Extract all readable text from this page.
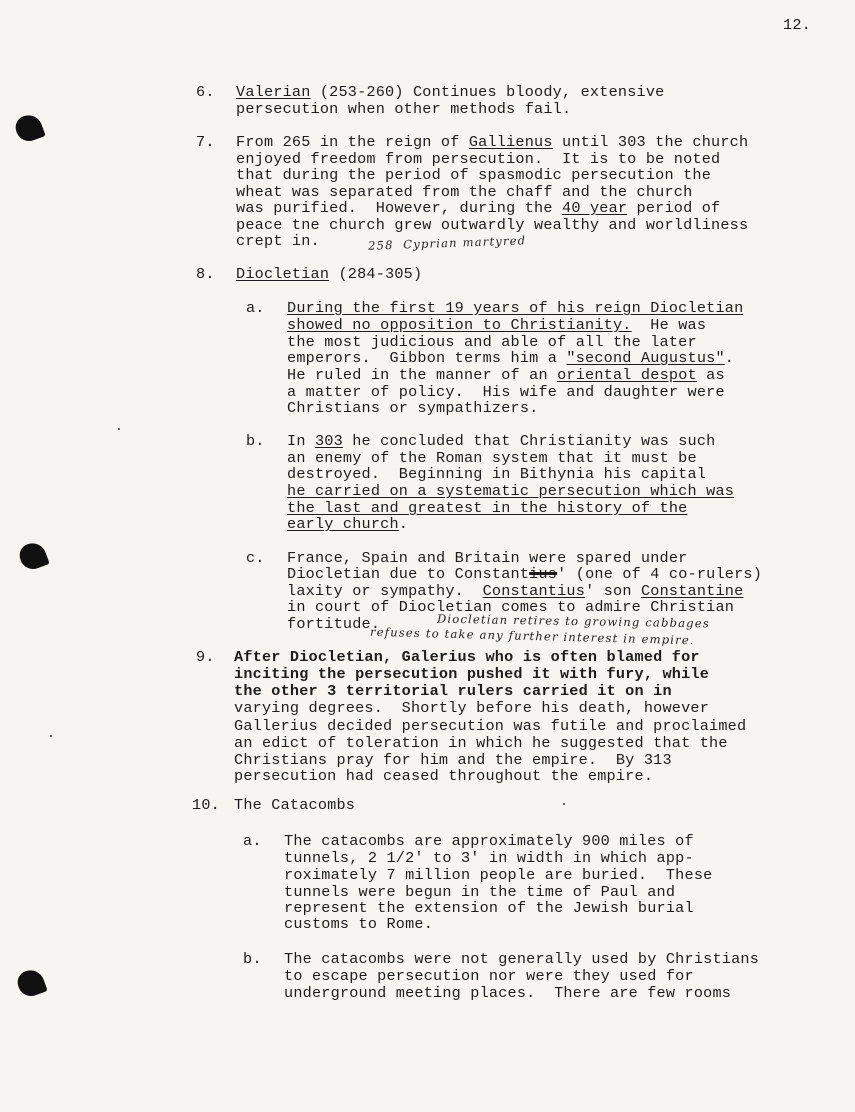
12.
6. Valerian (253-260) Continues bloody, extensive
persecution when other methods fail.
7. From 265 in the reign of Gallienus until 303 the church
enjoyed freedom from persecution.  It is to be noted
that during the period of spasmodic persecution the
wheat was separated from the chaff and the church
was purified.  However, during the 40 year period of
peace tne church grew outwardly wealthy and worldliness
crept in.	258  Cyprian martyred
8. Diocletian (284-305)
a. During the first 19 years of his reign Diocletian
showed no opposition to Christianity.  He was
the most judicious and able of all the later
emperors.  Gibbon terms him a "second Augustus".
He ruled in the manner of an oriental despot as
a matter of policy.  His wife and daughter were
Christians or sympathizers.
b. In 303 he concluded that Christianity was such
an enemy of the Roman system that it must be
destroyed.  Beginning in Bithynia his capital
he carried on a systematic persecution which was
the last and greatest in the history of the
early church.
c. France, Spain and Britain were spared under
Diocletian due to Constantius' (one of 4 co-rulers)
laxity or sympathy.  Constantius' son Constantine
in court of Diocletian comes to admire Christian
fortitude.	Diocletian retires to growing cabbages
refuses to take any further interest in empire.
9. After Diocletian, Galerius who is often blamed for
inciting the persecution pushed it with fury, while
the other 3 territorial rulers carried it on in
varying degrees.  Shortly before his death, however
Gallerius decided persecution was futile and proclaimed
an edict of toleration in which he suggested that the
Christians pray for him and the empire.  By 313
persecution had ceased throughout the empire.
10. The Catacombs
a. The catacombs are approximately 900 miles of
tunnels, 2 1/2' to 3' in width in which app-
roximately 7 million people are buried.  These
tunnels were begun in the time of Paul and
represent the extension of the Jewish burial
customs to Rome.
b. The catacombs were not generally used by Christians
to escape persecution nor were they used for
underground meeting places.  There are few rooms
